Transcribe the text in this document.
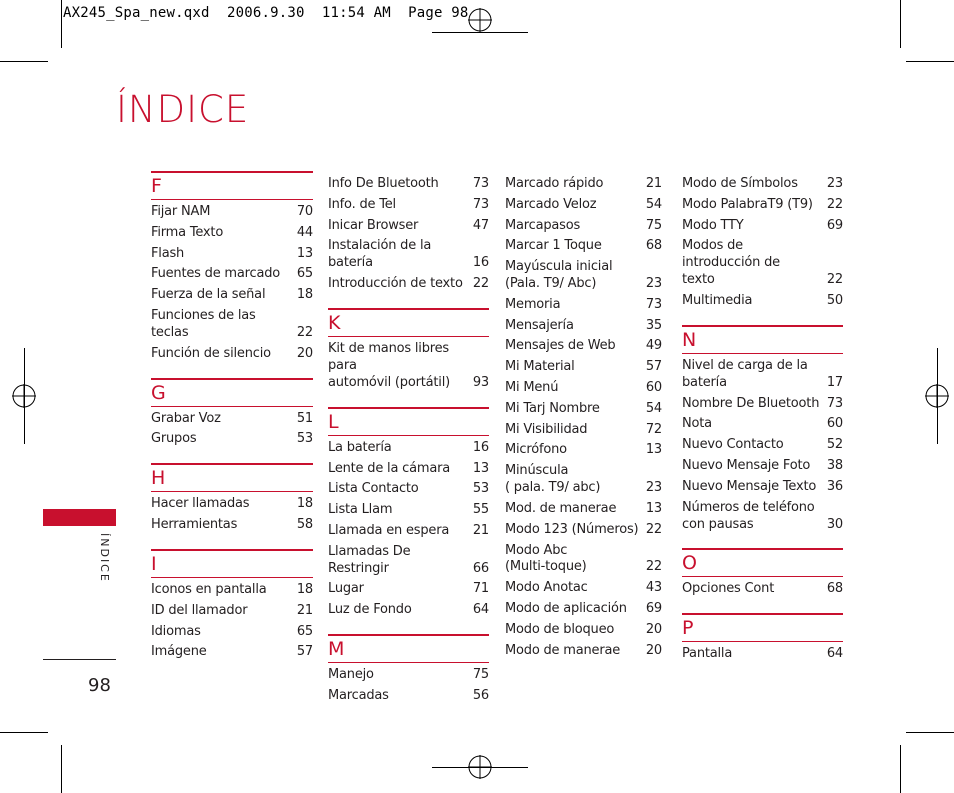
AX245_Spa_new.qxd  2006.9.30  11:54 AM  Page 98
ÍNDICE
ÍNDICE
98
F
Fijar NAM	70
Firma Texto	44
Flash	13
Fuentes de marcado	65
Fuerza de la señal	18
Funciones de las teclas	22
Función de silencio	20
G
Grabar Voz	51
Grupos	53
H
Hacer llamadas	18
Herramientas	58
I
Iconos en pantalla	18
ID del llamador	21
Idiomas	65
Imágene	57
Info De Bluetooth	73
Info. de Tel	73
Inicar Browser	47
Instalación de la batería	16
Introducción de texto 22
K
Kit de manos libres para
automóvil (portátil)	93
L
La batería	16
Lente de la cámara	13
Lista Contacto	53
Lista Llam	55
Llamada en espera	21
Llamadas De Restringir	66
Lugar	71
Luz de Fondo	64
M
Manejo	75
Marcadas	56
Marcado rápido	21
Marcado Veloz	54
Marcapasos	75
Marcar 1 Toque	68
Mayúscula inicial
(Pala. T9/ Abc)	23
Memoria	73
Mensajería	35
Mensajes de Web	49
Mi Material	57
Mi Menú	60
Mi Tarj Nombre	54
Mi Visibilidad	72
Micrófono	13
Minúscula
( pala. T9/ abc)	23
Mod. de manerae	13
Modo 123 (Números) 22
Modo Abc
(Multi-toque)	22
Modo Anotac	43
Modo de aplicación	69
Modo de bloqueo	20
Modo de manerae	20
Modo de Símbolos	23
Modo PalabraT9 (T9)	22
Modo TTY	69
Modos de introducción de
texto	22
Multimedia	50
N
Nivel de carga de la
batería	17
Nombre De Bluetooth 73
Nota	60
Nuevo Contacto	52
Nuevo Mensaje Foto	38
Nuevo Mensaje Texto 36
Números de teléfono
con pausas	30
O
Opciones Cont	68
P
Pantalla	64
